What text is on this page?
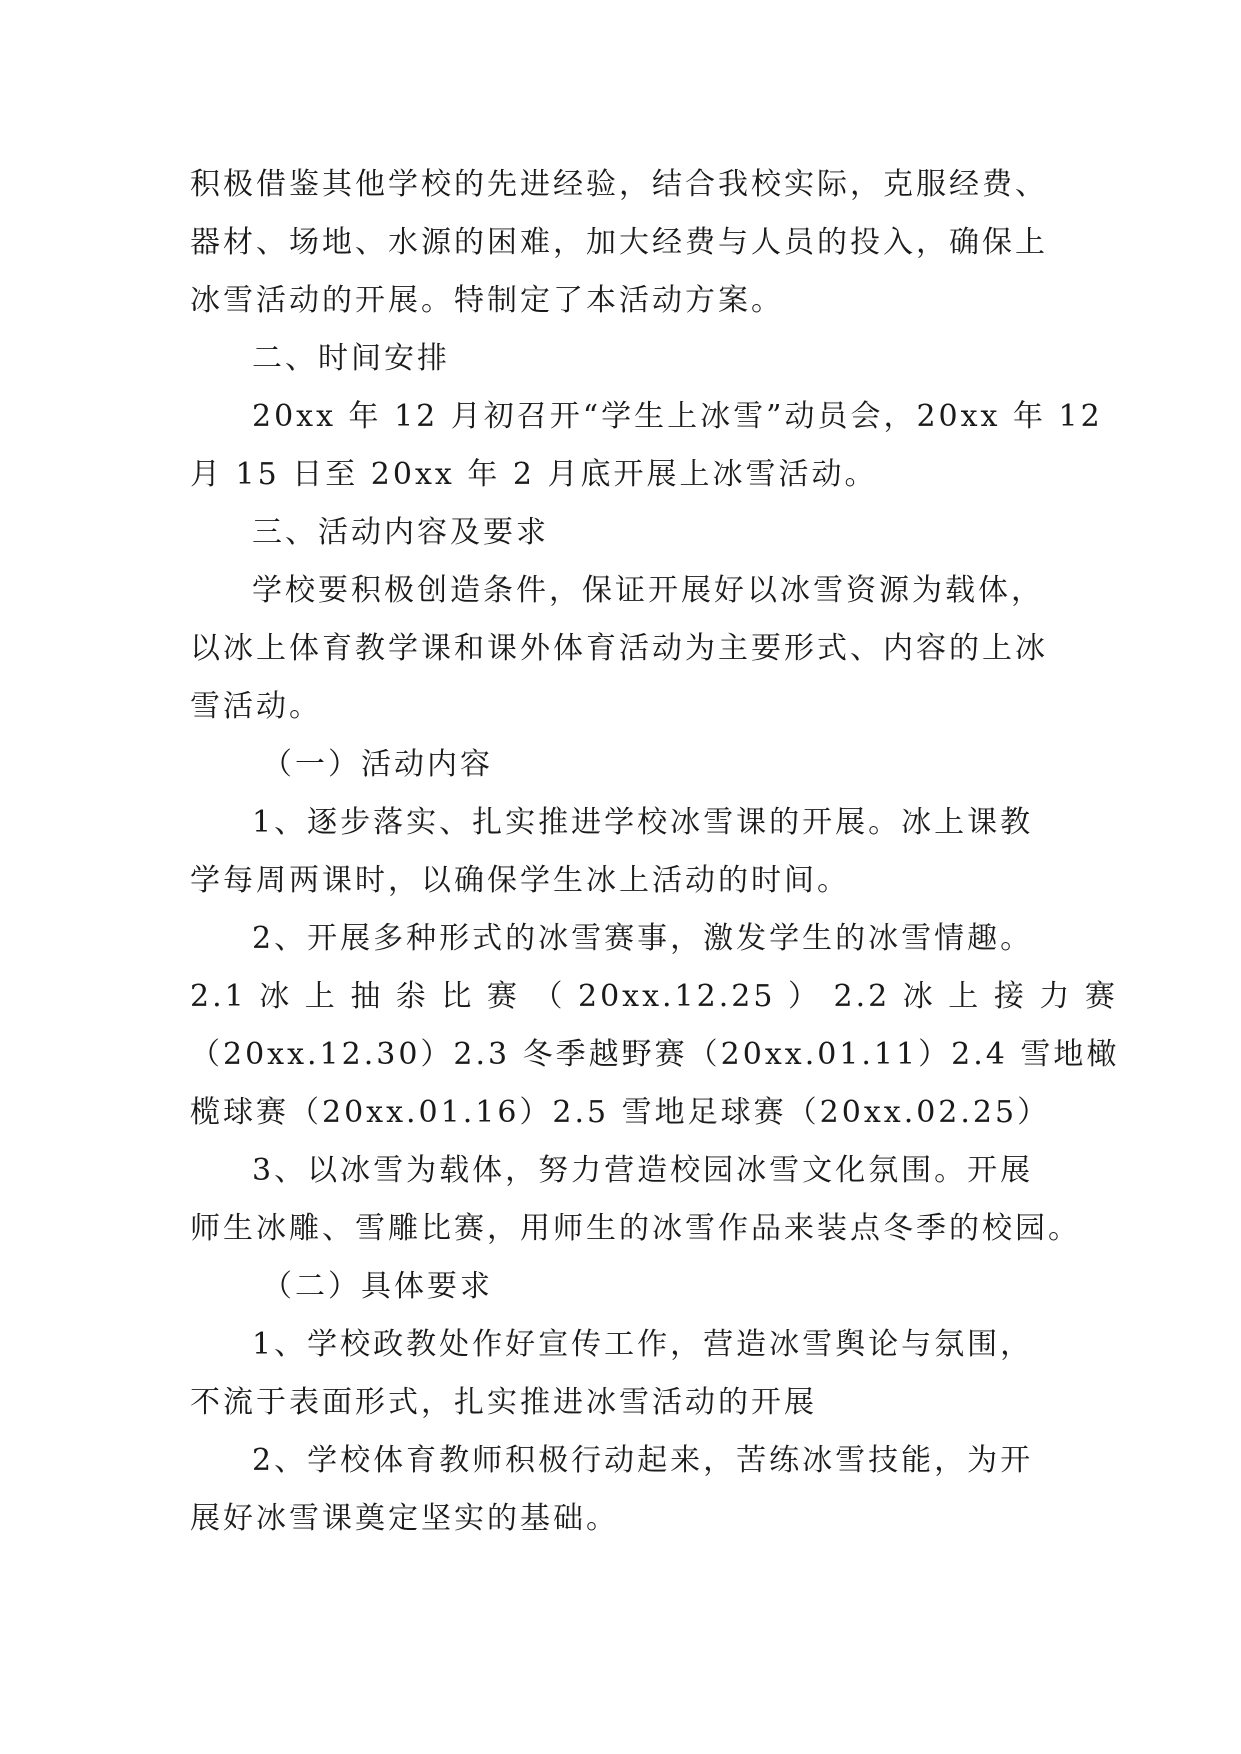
积极借鉴其他学校的先进经验，结合我校实际，克服经费、
器材、场地、水源的困难，加大经费与人员的投入，确保上
冰雪活动的开展。特制定了本活动方案。
二、时间安排
20xx 年 12 月初召开“学生上冰雪”动员会，20xx 年 12
月 15 日至 20xx 年 2 月底开展上冰雪活动。
三、活动内容及要求
学校要积极创造条件，保证开展好以冰雪资源为载体，
以冰上体育教学课和课外体育活动为主要形式、内容的上冰
雪活动。
（一）活动内容
1、逐步落实、扎实推进学校冰雪课的开展。冰上课教
学每周两课时，以确保学生冰上活动的时间。
2、开展多种形式的冰雪赛事，激发学生的冰雪情趣。
2.1 冰 上 抽 尜 比 赛 （ 20xx.12.25 ） 2.2 冰 上 接 力 赛
（20xx.12.30）2.3 冬季越野赛（20xx.01.11）2.4 雪地橄
榄球赛（20xx.01.16）2.5 雪地足球赛（20xx.02.25）
3、以冰雪为载体，努力营造校园冰雪文化氛围。开展
师生冰雕、雪雕比赛，用师生的冰雪作品来装点冬季的校园。
（二）具体要求
1、学校政教处作好宣传工作，营造冰雪舆论与氛围，
不流于表面形式，扎实推进冰雪活动的开展
2、学校体育教师积极行动起来，苦练冰雪技能，为开
展好冰雪课奠定坚实的基础。
